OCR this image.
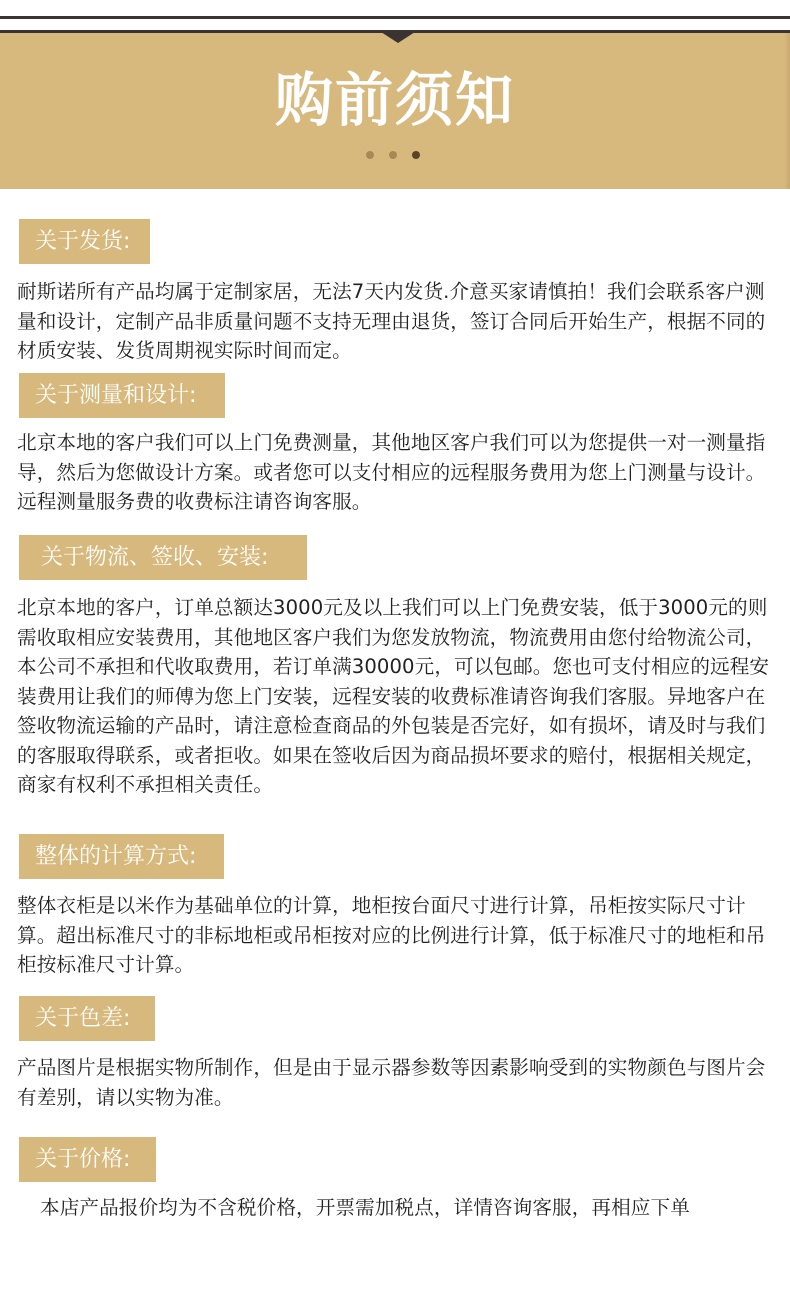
购前须知
关于发货:

耐斯诺所有产品均属于定制家居，无法7天内发货.介意买家请慎拍！我们会联系客户测量和设计，定制产品非质量问题不支持无理由退货，签订合同后开始生产，根据不同的材质安装、发货周期视实际时间而定。

关于测量和设计:

北京本地的客户我们可以上门免费测量，其他地区客户我们可以为您提供一对一测量指导，然后为您做设计方案。或者您可以支付相应的远程服务费用为您上门测量与设计。远程测量服务费的收费标注请咨询客服。

关于物流、签收、安装:

北京本地的客户，订单总额达3000元及以上我们可以上门免费安装，低于3000元的则需收取相应安装费用，其他地区客户我们为您发放物流，物流费用由您付给物流公司，本公司不承担和代收取费用，若订单满30000元，可以包邮。您也可支付相应的远程安装费用让我们的师傅为您上门安装，远程安装的收费标准请咨询我们客服。异地客户在签收物流运输的产品时，请注意检查商品的外包装是否完好，如有损坏，请及时与我们的客服取得联系，或者拒收。如果在签收后因为商品损坏要求的赔付，根据相关规定，商家有权利不承担相关责任。

整体的计算方式:

整体衣柜是以米作为基础单位的计算，地柜按台面尺寸进行计算，吊柜按实际尺寸计算。超出标准尺寸的非标地柜或吊柜按对应的比例进行计算，低于标准尺寸的地柜和吊柜按标准尺寸计算。

关于色差:

产品图片是根据实物所制作，但是由于显示器参数等因素影响受到的实物颜色与图片会有差别，请以实物为准。

关于价格:

本店产品报价均为不含税价格，开票需加税点，详情咨询客服，再相应下单
